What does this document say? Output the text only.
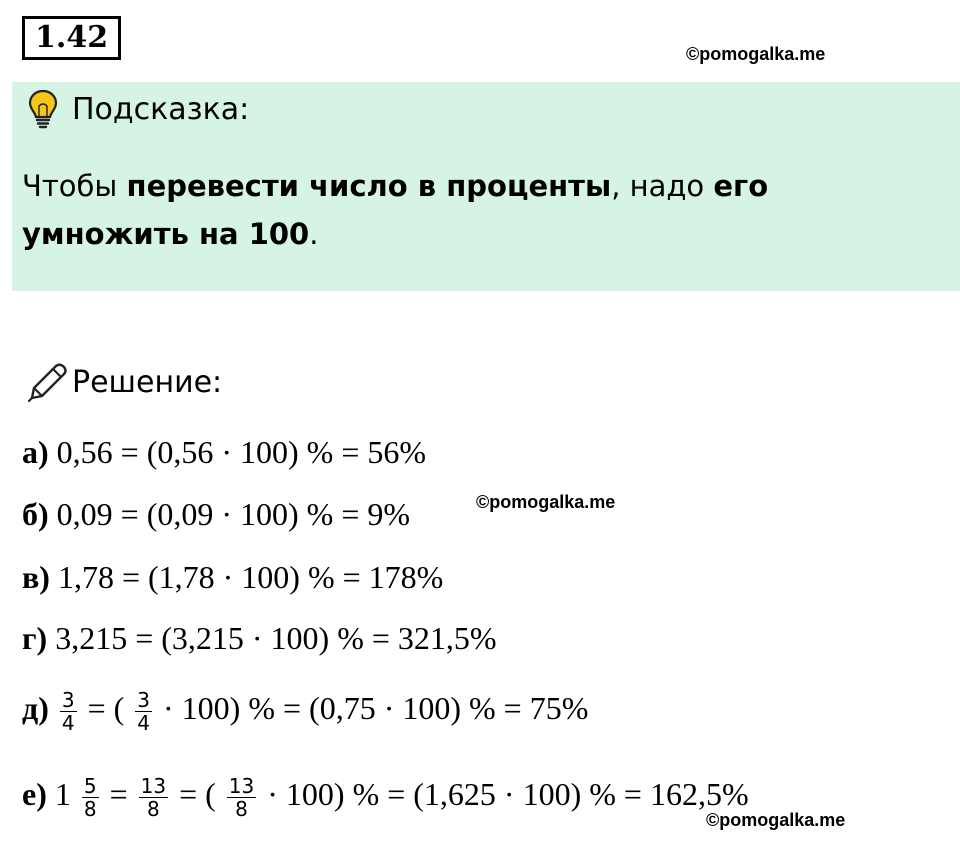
1.42	©pomogalka.me
Подсказка:
Чтобы перевести число в проценты, надо его умножить на 100.
Решение:
а) 0,56 = (0,56 · 100) % = 56%
б) 0,09 = (0,09 · 100) % = 9%	©pomogalka.me
в) 1,78 = (1,78 · 100) % = 178%
г) 3,215 = (3,215 · 100) % = 321,5%
$д) \frac{3}{4}$ = ( $\frac{3}{4} \cdot 100$) % = (0,75 · 100) % = 75%
е) $1 \frac{5}{8} = \frac{13}{8}$ = ( $\frac{13}{8} \cdot 100$) % = (1,625 · 100) % = 162,5%
©pomogalka.me
